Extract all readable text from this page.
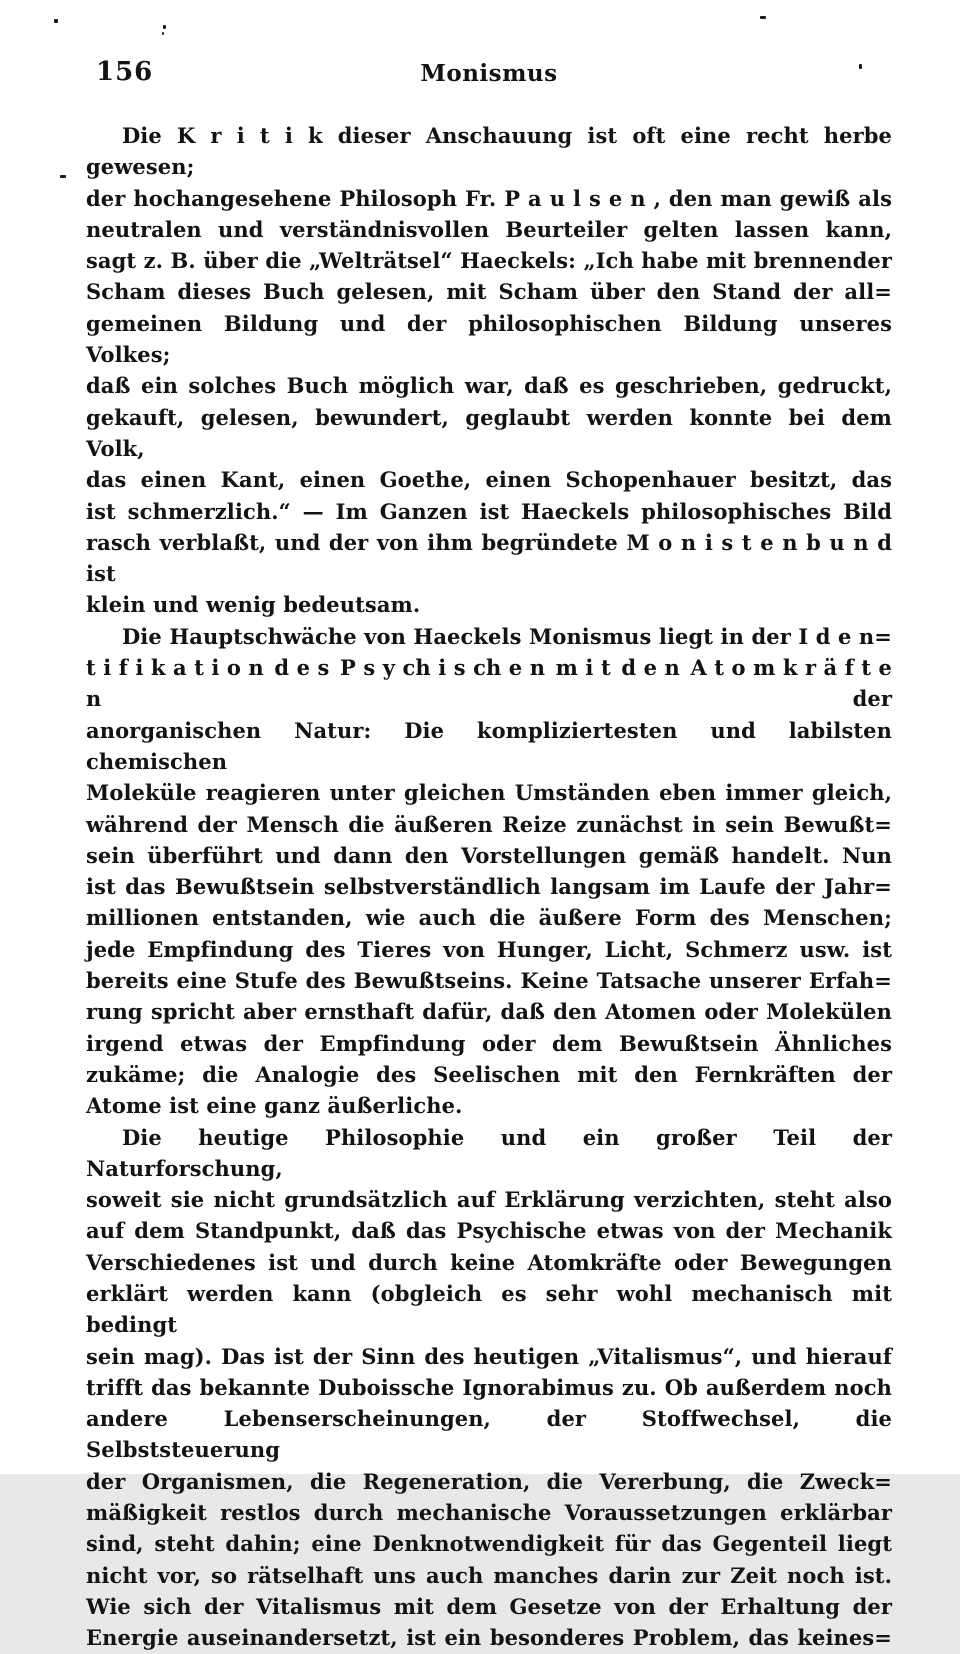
156	Monismus
Die K r i t i k dieser Anschauung ist oft eine recht herbe gewesen;
der hochangesehene Philosoph Fr. P a u l s e n , den man gewiß als
neutralen und verständnisvollen Beurteiler gelten lassen kann,
sagt z. B. über die „Welträtsel“ Haeckels: „Ich habe mit brennender
Scham dieses Buch gelesen, mit Scham über den Stand der all=
gemeinen Bildung und der philosophischen Bildung unseres Volkes;
daß ein solches Buch möglich war, daß es geschrieben, gedruckt,
gekauft, gelesen, bewundert, geglaubt werden konnte bei dem Volk,
das einen Kant, einen Goethe, einen Schopenhauer besitzt, das
ist schmerzlich.“ — Im Ganzen ist Haeckels philosophisches Bild
rasch verblaßt, und der von ihm begründete M o n i s t e n b u n d ist
klein und wenig bedeutsam.
Die Hauptschwäche von Haeckels Monismus liegt in der I d e n=
t i f i k a t i o n d e s P s y ch i s ch e n m i t d e n A t o m k r ä f t e n der
anorganischen Natur: Die kompliziertesten und labilsten chemischen
Moleküle reagieren unter gleichen Umständen eben immer gleich,
während der Mensch die äußeren Reize zunächst in sein Bewußt=
sein überführt und dann den Vorstellungen gemäß handelt. Nun
ist das Bewußtsein selbstverständlich langsam im Laufe der Jahr=
millionen entstanden, wie auch die äußere Form des Menschen;
jede Empfindung des Tieres von Hunger, Licht, Schmerz usw. ist
bereits eine Stufe des Bewußtseins. Keine Tatsache unserer Erfah=
rung spricht aber ernsthaft dafür, daß den Atomen oder Molekülen
irgend etwas der Empfindung oder dem Bewußtsein Ähnliches
zukäme; die Analogie des Seelischen mit den Fernkräften der
Atome ist eine ganz äußerliche.
Die heutige Philosophie und ein großer Teil der Naturforschung,
soweit sie nicht grundsätzlich auf Erklärung verzichten, steht also
auf dem Standpunkt, daß das Psychische etwas von der Mechanik
Verschiedenes ist und durch keine Atomkräfte oder Bewegungen
erklärt werden kann (obgleich es sehr wohl mechanisch mit bedingt
sein mag). Das ist der Sinn des heutigen „Vitalismus“, und hierauf
trifft das bekannte Duboissche Ignorabimus zu. Ob außerdem noch
andere Lebenserscheinungen, der Stoffwechsel, die Selbststeuerung
der Organismen, die Regeneration, die Vererbung, die Zweck=
mäßigkeit restlos durch mechanische Voraussetzungen erklärbar
sind, steht dahin; eine Denknotwendigkeit für das Gegenteil liegt
nicht vor, so rätselhaft uns auch manches darin zur Zeit noch ist.
Wie sich der Vitalismus mit dem Gesetze von der Erhaltung der
Energie auseinandersetzt, ist ein besonderes Problem, das keines=
